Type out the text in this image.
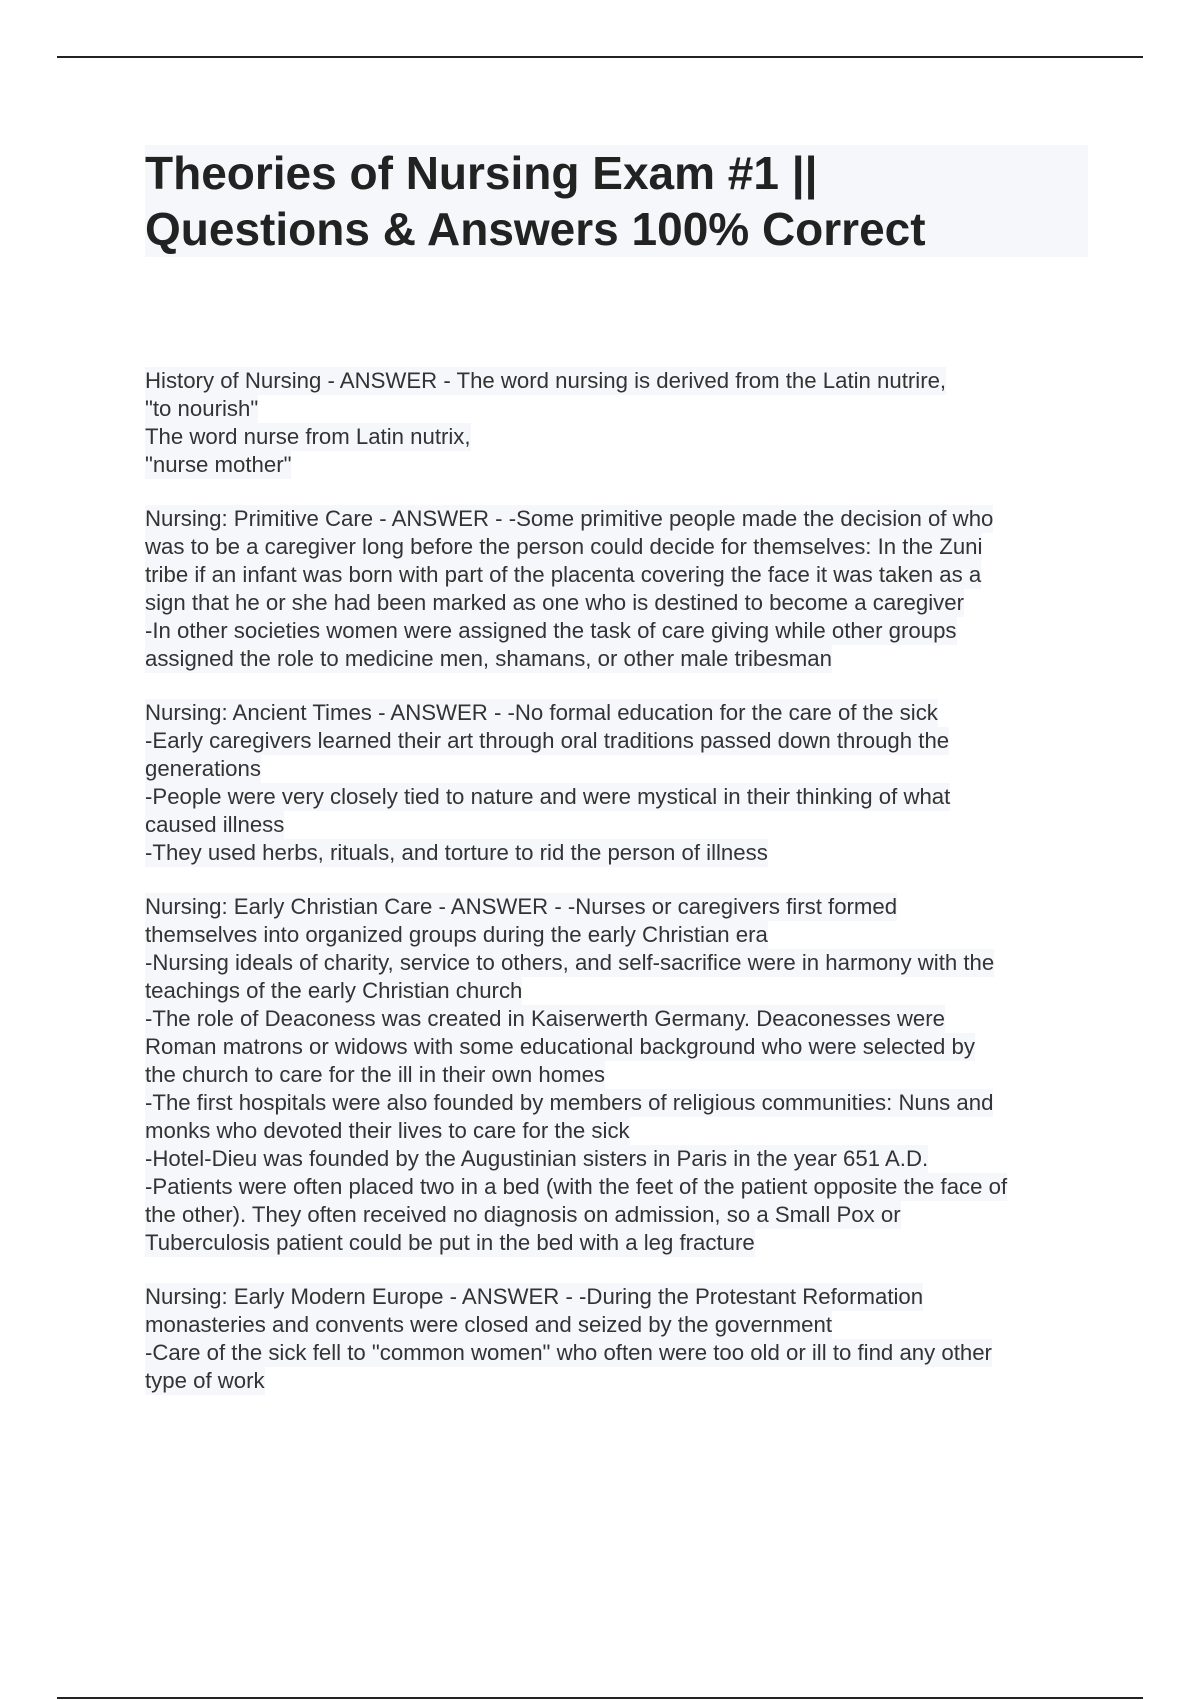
Theories of Nursing Exam #1 ||

Questions & Answers 100% Correct

History of Nursing - ANSWER - The word nursing is derived from the Latin nutrire,
"to nourish"
The word nurse from Latin nutrix,
"nurse mother"
Nursing: Primitive Care - ANSWER - -Some primitive people made the decision of who
was to be a caregiver long before the person could decide for themselves: In the Zuni
tribe if an infant was born with part of the placenta covering the face it was taken as a
sign that he or she had been marked as one who is destined to become a caregiver
-In other societies women were assigned the task of care giving while other groups
assigned the role to medicine men, shamans, or other male tribesman
Nursing: Ancient Times - ANSWER - -No formal education for the care of the sick
-Early caregivers learned their art through oral traditions passed down through the
generations
-People were very closely tied to nature and were mystical in their thinking of what
caused illness
-They used herbs, rituals, and torture to rid the person of illness
Nursing: Early Christian Care - ANSWER - -Nurses or caregivers first formed
themselves into organized groups during the early Christian era
-Nursing ideals of charity, service to others, and self-sacrifice were in harmony with the
teachings of the early Christian church
-The role of Deaconess was created in Kaiserwerth Germany. Deaconesses were
Roman matrons or widows with some educational background who were selected by
the church to care for the ill in their own homes
-The first hospitals were also founded by members of religious communities: Nuns and
monks who devoted their lives to care for the sick
-Hotel-Dieu was founded by the Augustinian sisters in Paris in the year 651 A.D.
-Patients were often placed two in a bed (with the feet of the patient opposite the face of
the other). They often received no diagnosis on admission, so a Small Pox or
Tuberculosis patient could be put in the bed with a leg fracture
Nursing: Early Modern Europe - ANSWER - -During the Protestant Reformation
monasteries and convents were closed and seized by the government
-Care of the sick fell to "common women" who often were too old or ill to find any other
type of work
